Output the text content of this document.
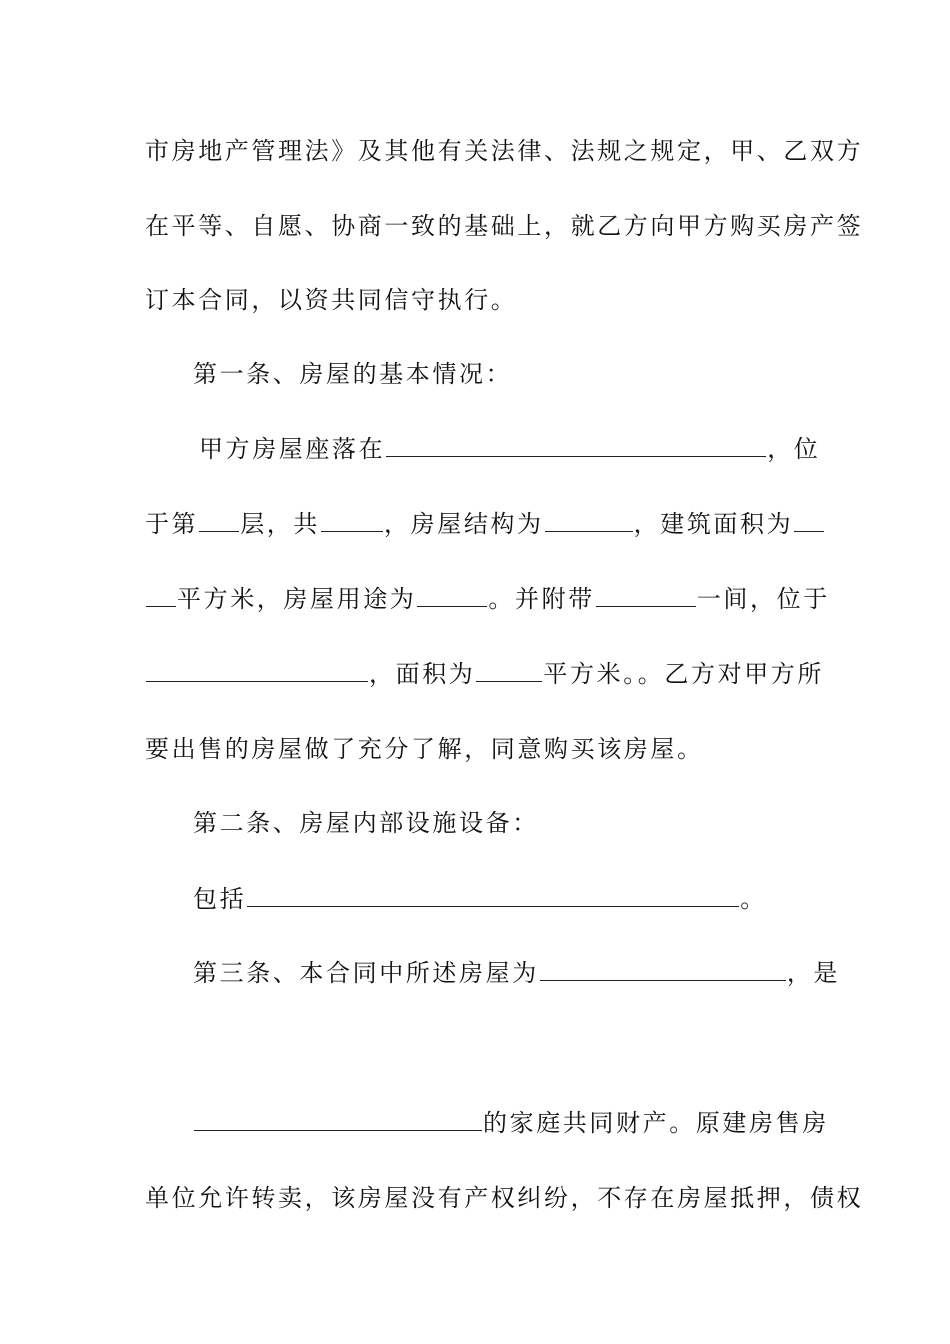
市房地产管理法》及其他有关法律、法规之规定，甲、乙双方
在平等、自愿、协商一致的基础上，就乙方向甲方购买房产签
订本合同，以资共同信守执行。
第一条、房屋的基本情况：
甲方房屋座落在	，位
于第 层，共	，房屋结构为	，建筑面积为
平方米，房屋用途为	。并附带	一间，位于
，面积为	平方米。。乙方对甲方所
要出售的房屋做了充分了解，同意购买该房屋。
第二条、房屋内部设施设备：
包括	。
第三条、本合同中所述房屋为	，是
的家庭共同财产。原建房售房
单位允许转卖，该房屋没有产权纠纷，不存在房屋抵押，债权
